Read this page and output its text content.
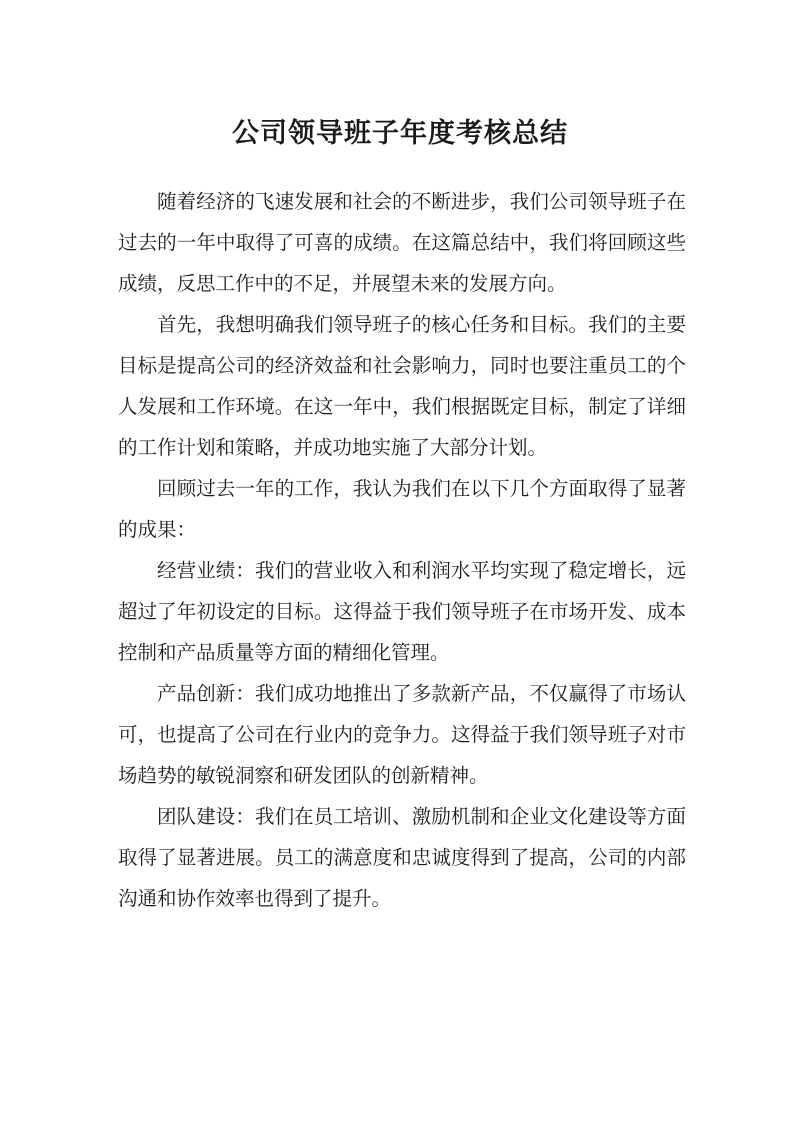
公司领导班子年度考核总结

随着经济的飞速发展和社会的不断进步，我们公司领导班子在过去的一年中取得了可喜的成绩。在这篇总结中，我们将回顾这些成绩，反思工作中的不足，并展望未来的发展方向。

首先，我想明确我们领导班子的核心任务和目标。我们的主要目标是提高公司的经济效益和社会影响力，同时也要注重员工的个人发展和工作环境。在这一年中，我们根据既定目标，制定了详细的工作计划和策略，并成功地实施了大部分计划。

回顾过去一年的工作，我认为我们在以下几个方面取得了显著的成果：

经营业绩：我们的营业收入和利润水平均实现了稳定增长，远超过了年初设定的目标。这得益于我们领导班子在市场开发、成本控制和产品质量等方面的精细化管理。

产品创新：我们成功地推出了多款新产品，不仅赢得了市场认可，也提高了公司在行业内的竞争力。这得益于我们领导班子对市场趋势的敏锐洞察和研发团队的创新精神。

团队建设：我们在员工培训、激励机制和企业文化建设等方面取得了显著进展。员工的满意度和忠诚度得到了提高，公司的内部沟通和协作效率也得到了提升。
